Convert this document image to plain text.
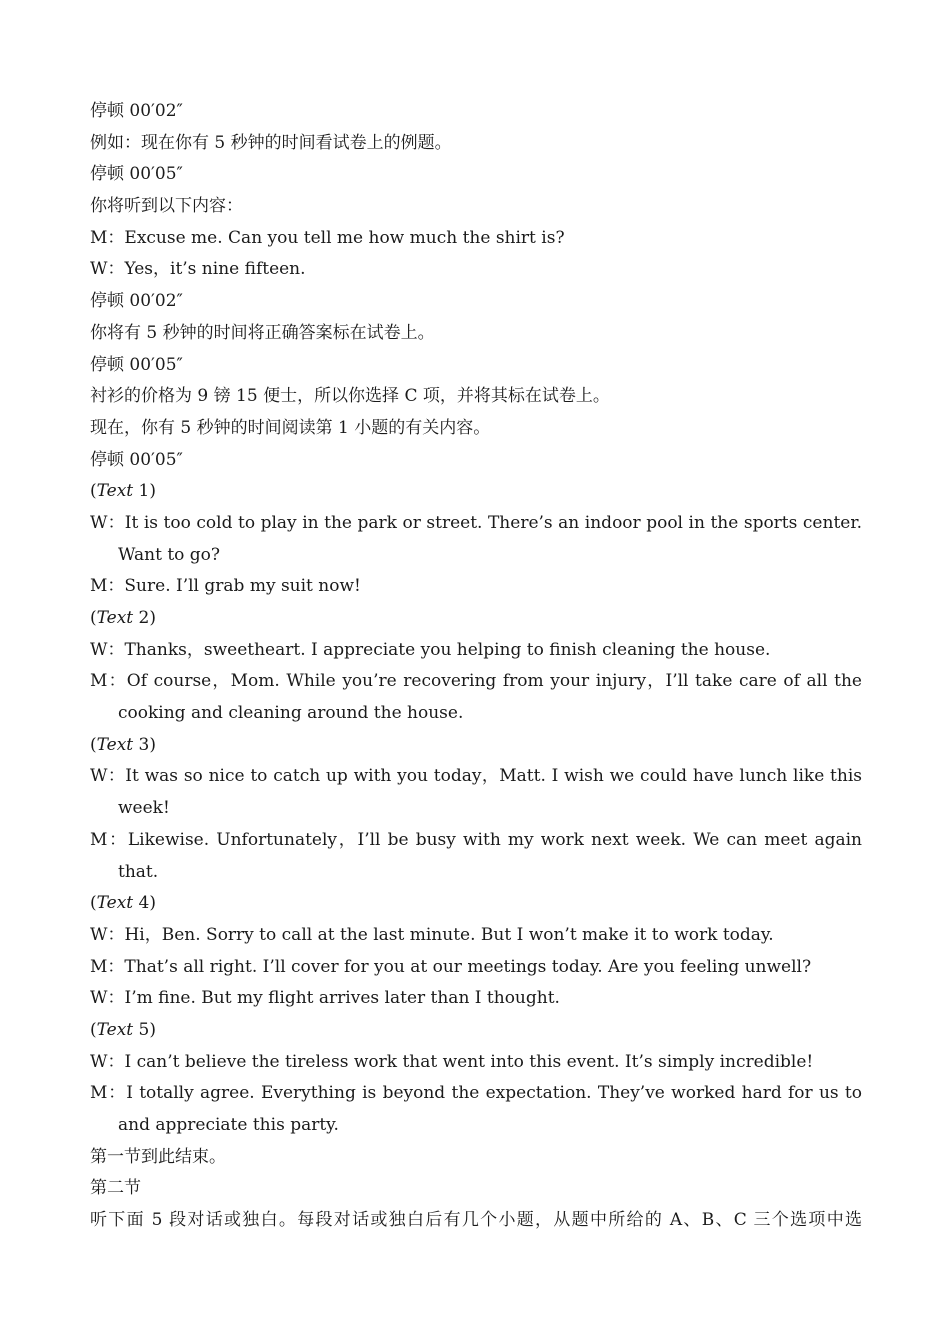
停顿 00′02″
例如：现在你有 5 秒钟的时间看试卷上的例题。
停顿 00′05″
你将听到以下内容：
M：Excuse me. Can you tell me how much the shirt is?
W：Yes，it’s nine fifteen.
停顿 00′02″
你将有 5 秒钟的时间将正确答案标在试卷上。
停顿 00′05″
衬衫的价格为 9 镑 15 便士，所以你选择 C 项，并将其标在试卷上。
现在，你有 5 秒钟的时间阅读第 1 小题的有关内容。
停顿 00′05″
(Text 1)
W：It is too cold to play in the park or street. There’s an indoor pool in the sports center.
Want to go?
M：Sure. I’ll grab my suit now!
(Text 2)
W：Thanks，sweetheart. I appreciate you helping to finish cleaning the house.
M：Of course，Mom. While you’re recovering from your injury，I’ll take care of all the
cooking and cleaning around the house.
(Text 3)
W：It was so nice to catch up with you today，Matt. I wish we could have lunch like this
week!
M：Likewise. Unfortunately，I’ll be busy with my work next week. We can meet again
that.
(Text 4)
W：Hi，Ben. Sorry to call at the last minute. But I won’t make it to work today.
M：That’s all right. I’ll cover for you at our meetings today. Are you feeling unwell?
W：I’m fine. But my flight arrives later than I thought.
(Text 5)
W：I can’t believe the tireless work that went into this event. It’s simply incredible!
M：I totally agree. Everything is beyond the expectation. They’ve worked hard for us to
and appreciate this party.
第一节到此结束。
第二节
听下面 5 段对话或独白。每段对话或独白后有几个小题，从题中所给的 A、B、C 三个选项中选
